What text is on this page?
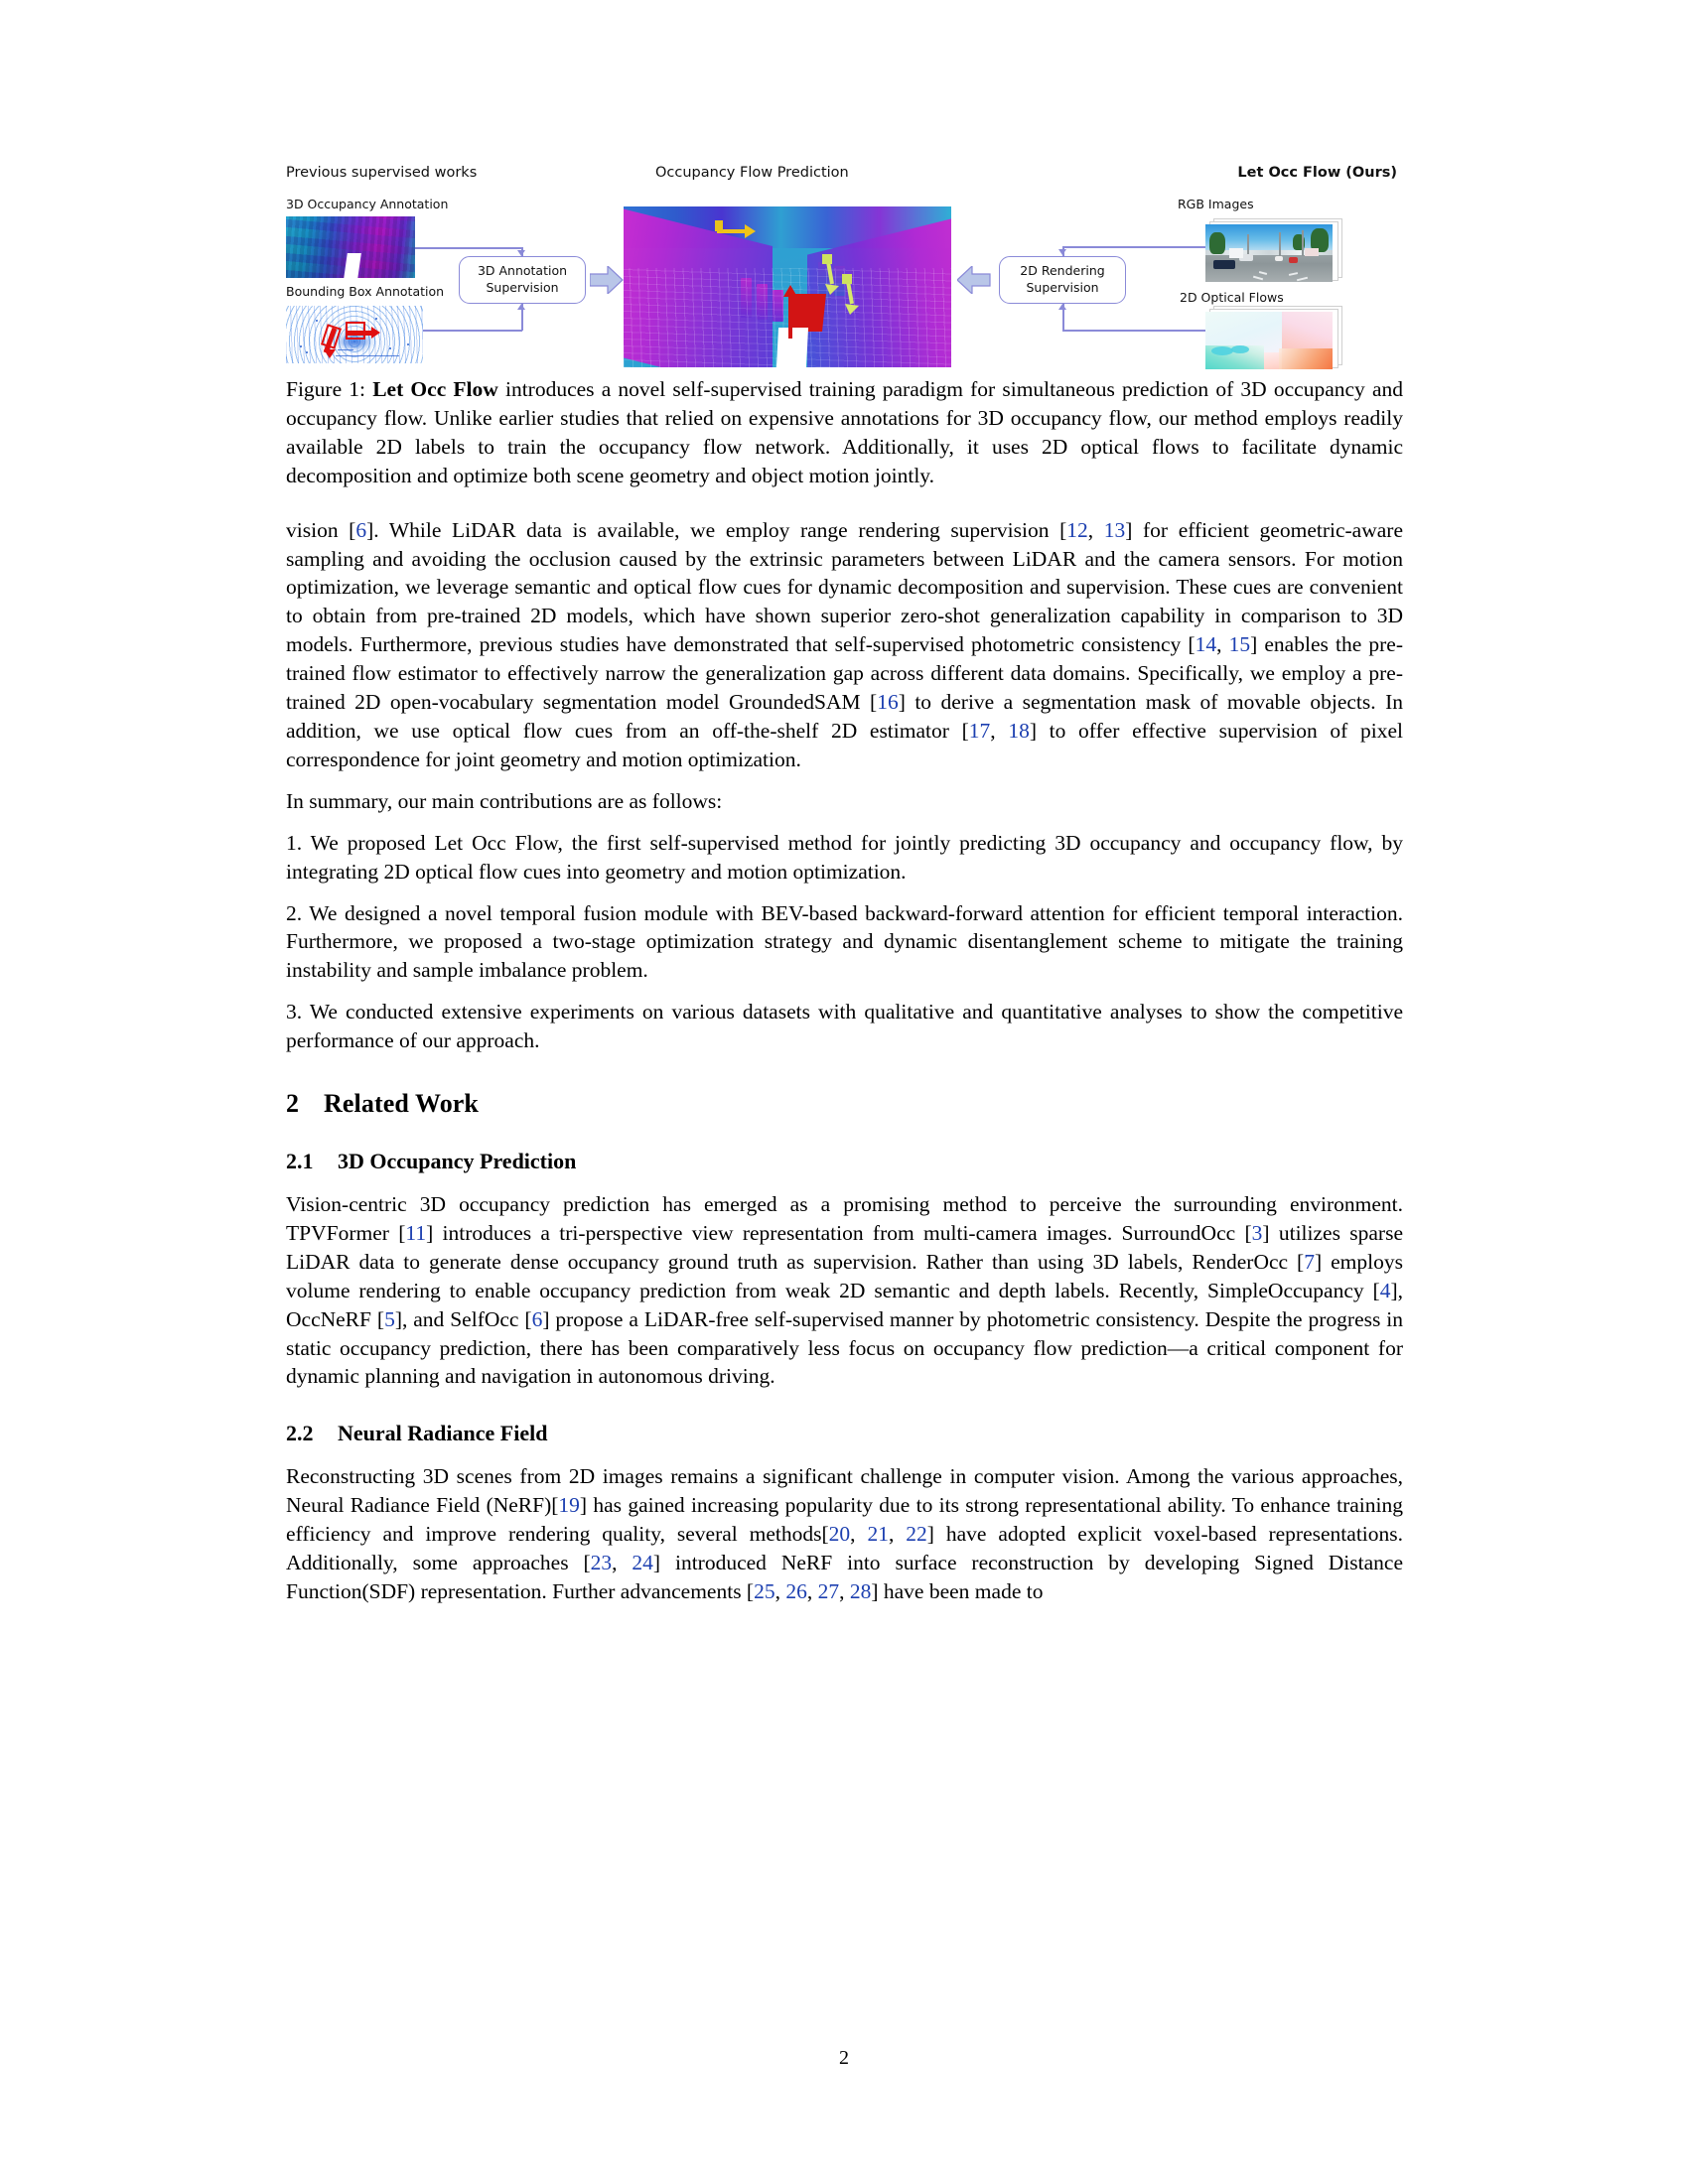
Previous supervised works	Occupancy Flow Prediction	Let Occ Flow (Ours)
3D Occupancy Annotation
Bounding Box Annotation
3D Annotation
Supervision
2D Rendering
Supervision
RGB Images
2D Optical Flows
Figure 1: Let Occ Flow introduces a novel self-supervised training paradigm for simultaneous prediction of 3D occupancy and occupancy flow. Unlike earlier studies that relied on expensive annotations for 3D occupancy flow, our method employs readily available 2D labels to train the occupancy flow network. Additionally, it uses 2D optical flows to facilitate dynamic decomposition and optimize both scene geometry and object motion jointly.

vision [6]. While LiDAR data is available, we employ range rendering supervision [12, 13] for efficient geometric-aware sampling and avoiding the occlusion caused by the extrinsic parameters between LiDAR and the camera sensors. For motion optimization, we leverage semantic and optical flow cues for dynamic decomposition and supervision. These cues are convenient to obtain from pre-trained 2D models, which have shown superior zero-shot generalization capability in comparison to 3D models. Furthermore, previous studies have demonstrated that self-supervised photometric consistency [14, 15] enables the pre-trained flow estimator to effectively narrow the generalization gap across different data domains. Specifically, we employ a pre-trained 2D open-vocabulary segmentation model GroundedSAM [16] to derive a segmentation mask of movable objects. In addition, we use optical flow cues from an off-the-shelf 2D estimator [17, 18] to offer effective supervision of pixel correspondence for joint geometry and motion optimization.

In summary, our main contributions are as follows:

1. We proposed Let Occ Flow, the first self-supervised method for jointly predicting 3D occupancy and occupancy flow, by integrating 2D optical flow cues into geometry and motion optimization.

2. We designed a novel temporal fusion module with BEV-based backward-forward attention for efficient temporal interaction. Furthermore, we proposed a two-stage optimization strategy and dynamic disentanglement scheme to mitigate the training instability and sample imbalance problem.

3. We conducted extensive experiments on various datasets with qualitative and quantitative analyses to show the competitive performance of our approach.

2 Related Work
2.1 3D Occupancy Prediction

Vision-centric 3D occupancy prediction has emerged as a promising method to perceive the surrounding environment. TPVFormer [11] introduces a tri-perspective view representation from multi-camera images. SurroundOcc [3] utilizes sparse LiDAR data to generate dense occupancy ground truth as supervision. Rather than using 3D labels, RenderOcc [7] employs volume rendering to enable occupancy prediction from weak 2D semantic and depth labels. Recently, SimpleOccupancy [4], OccNeRF [5], and SelfOcc [6] propose a LiDAR-free self-supervised manner by photometric consistency. Despite the progress in static occupancy prediction, there has been comparatively less focus on occupancy flow prediction—a critical component for dynamic planning and navigation in autonomous driving.

2.2 Neural Radiance Field

Reconstructing 3D scenes from 2D images remains a significant challenge in computer vision. Among the various approaches, Neural Radiance Field (NeRF)[19] has gained increasing popularity due to its strong representational ability. To enhance training efficiency and improve rendering quality, several methods[20, 21, 22] have adopted explicit voxel-based representations. Additionally, some approaches [23, 24] introduced NeRF into surface reconstruction by developing Signed Distance Function(SDF) representation. Further advancements [25, 26, 27, 28] have been made to

2
